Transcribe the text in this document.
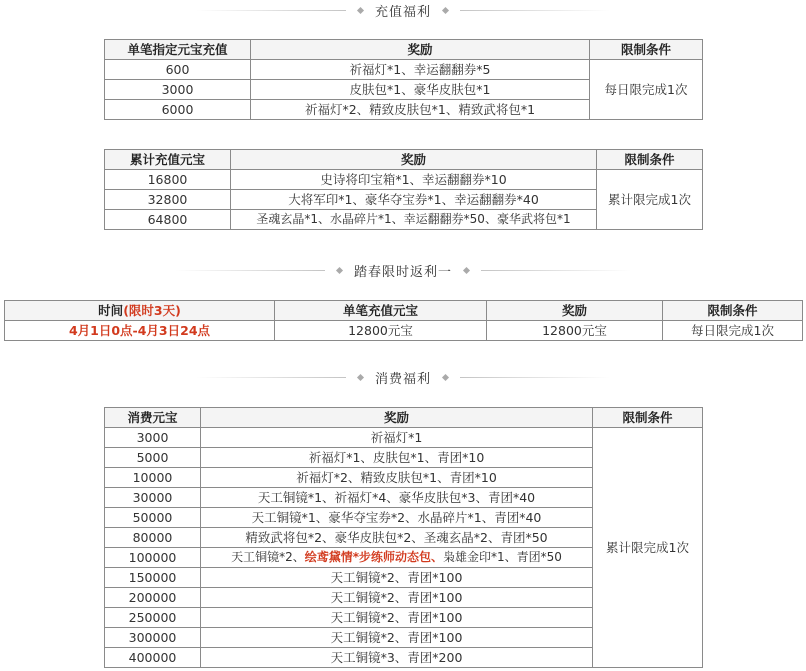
充值福利
单笔指定元宝充值	奖励	限制条件
600	祈福灯*1、幸运翻翻券*5	每日限完成1次
3000	皮肤包*1、豪华皮肤包*1	
6000	祈福灯*2、精致皮肤包*1、精致武将包*1	
累计充值元宝	奖励	限制条件
16800	史诗将印宝箱*1、幸运翻翻券*10	累计限完成1次
32800	大将军印*1、豪华夺宝券*1、幸运翻翻券*40	
64800	圣魂玄晶*1、水晶碎片*1、幸运翻翻券*50、豪华武将包*1	
踏春限时返利一
时间(限时3天)	单笔充值元宝	奖励	限制条件
4月1日0点-4月3日24点	12800元宝	12800元宝	每日限完成1次
消费福利
消费元宝	奖励	限制条件
3000	祈福灯*1	累计限完成1次
5000	祈福灯*1、皮肤包*1、青团*10	
10000	祈福灯*2、精致皮肤包*1、青团*10	
30000	天工铜镜*1、祈福灯*4、豪华皮肤包*3、青团*40	
50000	天工铜镜*1、豪华夺宝券*2、水晶碎片*1、青团*40	
80000	精致武将包*2、豪华皮肤包*2、圣魂玄晶*2、青团*50	
100000	天工铜镜*2、绘鸢黛情*步练师动态包、枭雄金印*1、青团*50	
150000	天工铜镜*2、青团*100	
200000	天工铜镜*2、青团*100	
250000	天工铜镜*2、青团*100	
300000	天工铜镜*2、青团*100	
400000	天工铜镜*3、青团*200	
